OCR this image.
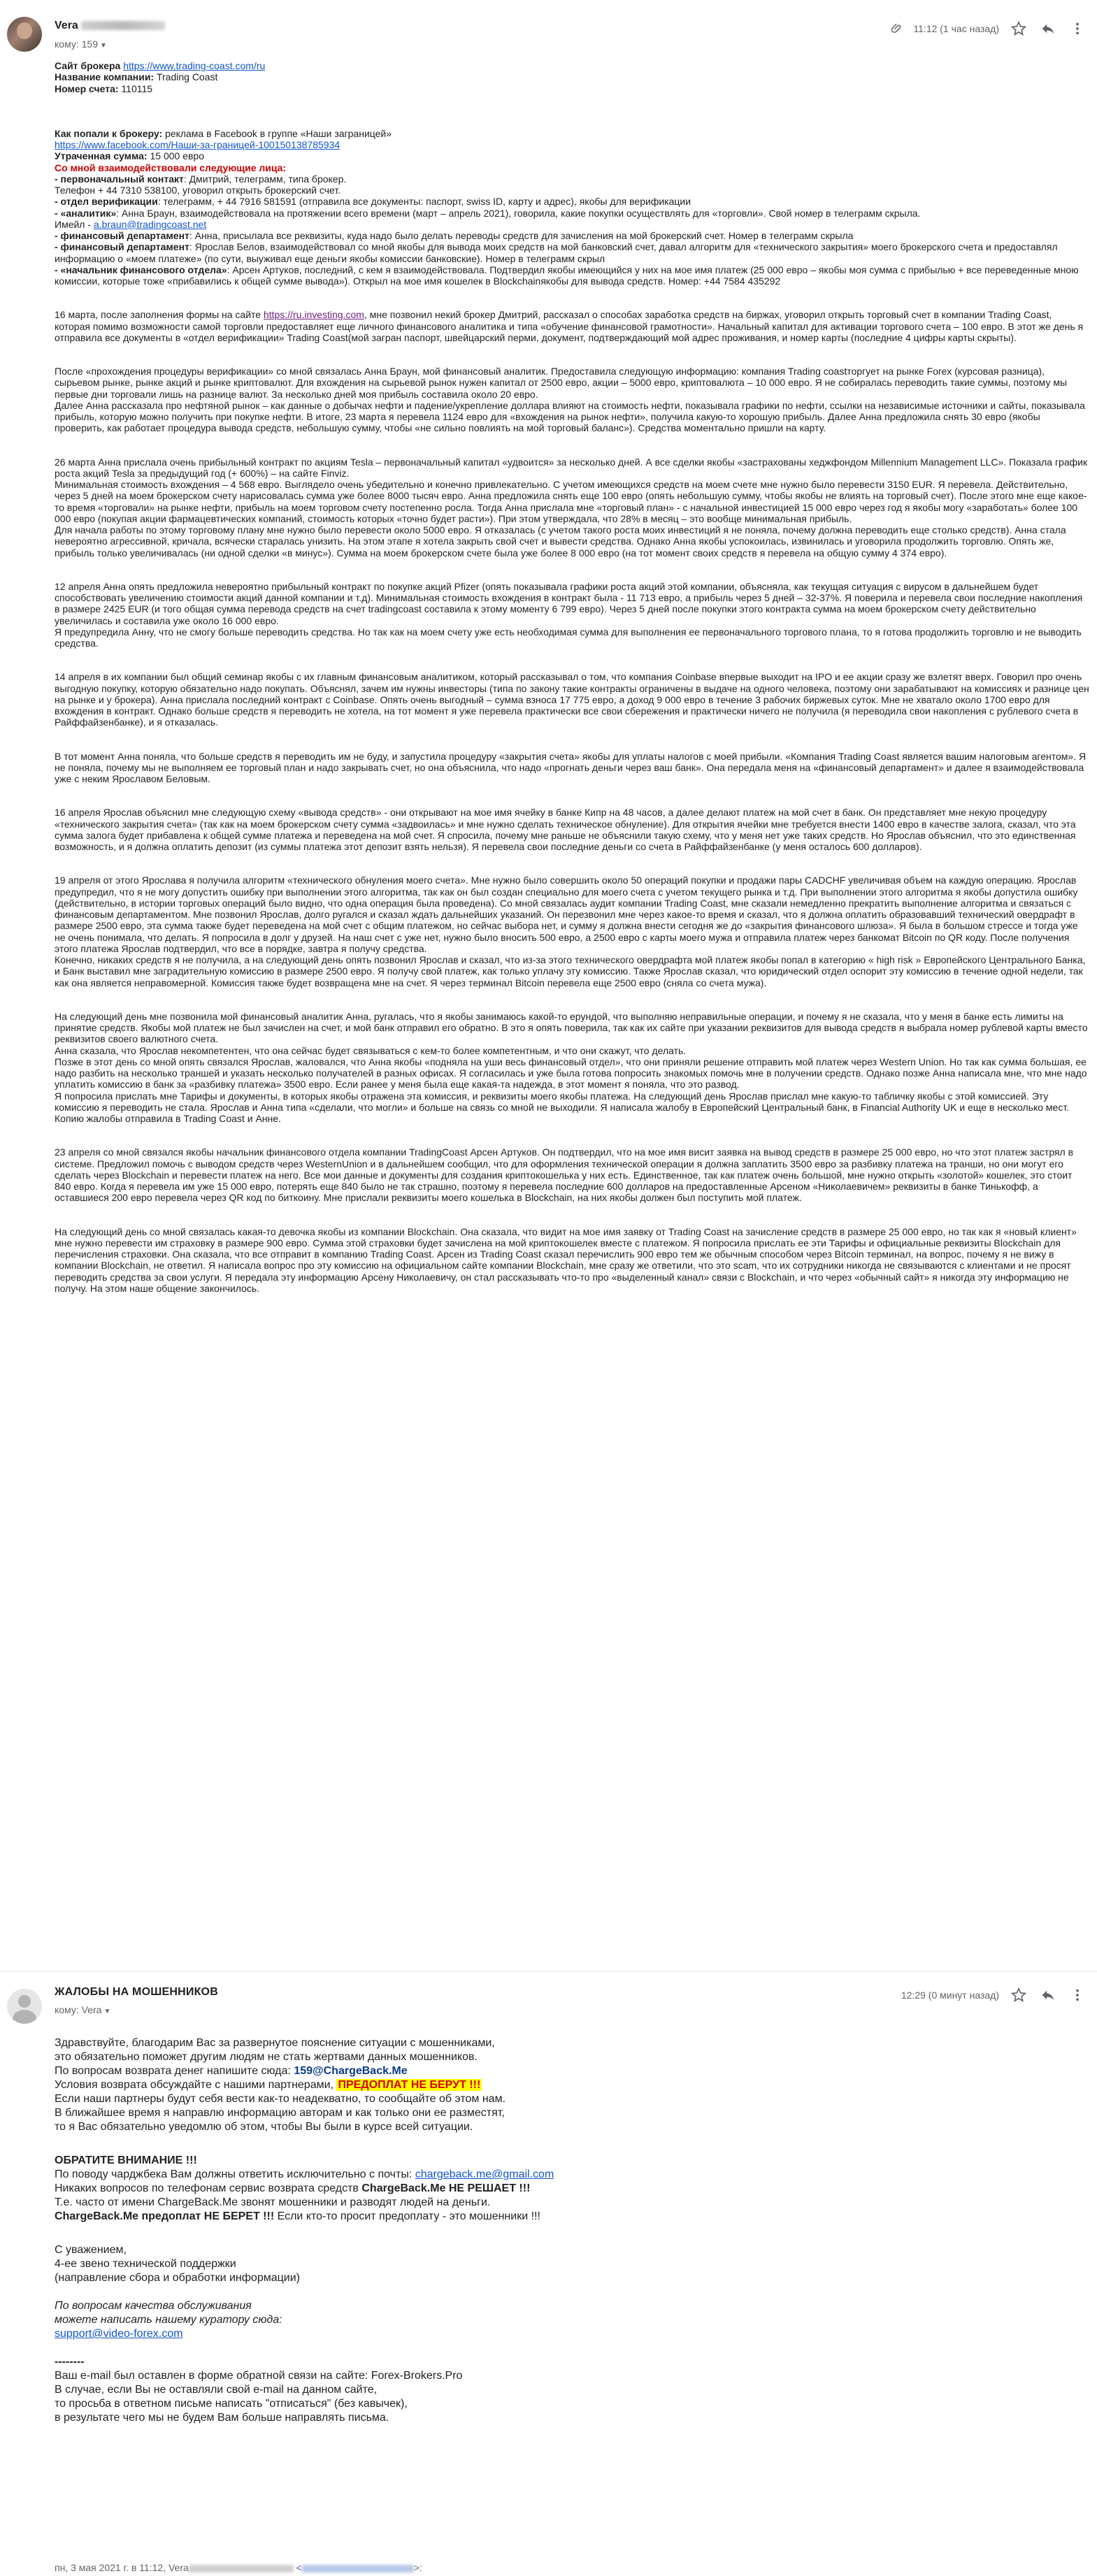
Vera
кому: 159 ▼
11:12 (1 час назад)

Сайт брокера https://www.trading-coast.com/ru

Название компании: Trading Coast

Номер счета: 110115

Как попали к брокеру: реклама в Facebook в группе «Наши заграницей»

https://www.facebook.com/Наши-за-границей-100150138785934

Утраченная сумма: 15 000 евро

Со мной взаимодействовали следующие лица:

- первоначальный контакт: Дмитрий, телеграмм, типа брокер.

Телефон + 44 7310 538100, уговорил открыть брокерский счет.

- отдел верификации: телеграмм, + 44 7916 581591 (отправила все документы: паспорт, swiss ID, карту и адрес), якобы для верификации

- «аналитик»: Анна Браун, взаимодействовала на протяжении всего времени (март – апрель 2021), говорила, какие покупки осуществлять для «торговли». Свой номер в телеграмм скрыла.

Имейл - a.braun@tradingcoast.net

- финансовый департамент: Анна, присылала все реквизиты, куда надо было делать переводы средств для зачисления на мой брокерский счет. Номер в телеграмм скрыла

- финансовый департамент: Ярослав Белов, взаимодействовал со мной якобы для вывода моих средств на мой банковский счет, давал алгоритм для «технического закрытия» моего брокерского счета и предоставлял информацию о «моем платеже» (по сути, выуживал еще деньги якобы комиссии банковские). Номер в телеграмм скрыл

- «начальник финансового отдела»: Арсен Артуков, последний, с кем я взаимодействовала. Подтвердил якобы имеющийся у них на мое имя платеж (25 000 евро – якобы моя сумма с прибылью + все переведенные мною комиссии, которые тоже «прибавились к общей сумме вывода»). Открыл на мое имя кошелек в Blockchainякобы для вывода средств. Номер: +44 7584 435292

16 марта, после заполнения формы на сайте https://ru.investing.com, мне позвонил некий брокер Дмитрий, рассказал о способах заработка средств на биржах, уговорил открыть торговый счет в компании Trading Coast, которая помимо возможности самой торговли предоставляет еще личного финансового аналитика и типа «обучение финансовой грамотности». Начальный капитал для активации торгового счета – 100 евро. В этот же день я отправила все документы в «отдел верификации» Trading Coast(мой загран паспорт, швейцарский перми, документ, подтверждающий мой адрес проживания, и номер карты (последние 4 цифры карты скрыты).

После «прохождения процедуры верификации» со мной связалась Анна Браун, мой финансовый аналитик. Предоставила следующую информацию: компания Trading coastторгует на рынке Forex (курсовая разница), сырьевом рынке, рынке акций и рынке криптовалют. Для вхождения на сырьевой рынок нужен капитал от 2500 евро, акции – 5000 евро, криптовалюта – 10 000 евро. Я не собиралась переводить такие суммы, поэтому мы первые дни торговали лишь на разнице валют. За несколько дней моя прибыль составила около 20 евро.
Далее Анна рассказала про нефтяной рынок – как данные о добычах нефти и падение/укрепление доллара влияют на стоимость нефти, показывала графики по нефти, ссылки на независимые источники и сайты, показывала прибыль, которую можно получить при покупке нефти. В итоге, 23 марта я перевела 1124 евро для «вхождения на рынок нефти», получила какую-то хорошую прибыль. Далее Анна предложила снять 30 евро (якобы проверить, как работает процедура вывода средств, небольшую сумму, чтобы «не сильно повлиять на мой торговый баланс»). Средства моментально пришли на карту.

26 марта Анна прислала очень прибыльный контракт по акциям Tesla – первоначальный капитал «удвоится» за несколько дней. А все сделки якобы «застрахованы хеджфондом Millennium Management LLC». Показала график роста акций Tesla за предыдущий год (+ 600%) – на сайте Finviz.
Минимальная стоимость вхождения – 4 568 евро. Выглядело очень убедительно и конечно привлекательно. С учетом имеющихся средств на моем счете мне нужно было перевести 3150 EUR. Я перевела. Действительно, через 5 дней на моем брокерском счету нарисовалась сумма уже более 8000 тысяч евро. Анна предложила снять еще 100 евро (опять небольшую сумму, чтобы якобы не влиять на торговый счет). После этого мне еще какое-то время «торговали» на рынке нефти, прибыль на моем торговом счету постепенно росла. Тогда Анна прислала мне «торговый план» - с начальной инвестицией 15 000 евро через год я якобы могу «заработать» более 100 000 евро (покупая акции фармацевтических компаний, стоимость которых «точно будет расти»). При этом утверждала, что 28% в месяц – это вообще минимальная прибыль.
Для начала работы по этому торговому плану мне нужно было перевести около 5000 евро. Я отказалась (с учетом такого роста моих инвестиций я не поняла, почему должна переводить еще столько средств). Анна стала невероятно агрессивной, кричала, всячески старалась унизить. На этом этапе я хотела закрыть свой счет и вывести средства. Однако Анна якобы успокоилась, извинилась и уговорила продолжить торговлю. Опять же, прибыль только увеличивалась (ни одной сделки «в минус»). Сумма на моем брокерском счете была уже более 8 000 евро (на тот момент своих средств я перевела на общую сумму 4 374 евро).

12 апреля Анна опять предложила невероятно прибыльный контракт по покупке акций Pfizer (опять показывала графики роста акций этой компании, объясняла, как текущая ситуация с вирусом в дальнейшем будет способствовать увеличению стоимости акций данной компании и т.д). Минимальная стоимость вхождения в контракт была - 11 713 евро, а прибыль через 5 дней – 32-37%. Я поверила и перевела свои последние накопления в размере 2425 EUR (и того общая сумма перевода средств на счет tradingcoast составила к этому моменту 6 799 евро). Через 5 дней после покупки этого контракта сумма на моем брокерском счету действительно увеличилась и составила уже около 16 000 евро.
Я предупредила Анну, что не смогу больше переводить средства. Но так как на моем счету уже есть необходимая сумма для выполнения ее первоначального торгового плана, то я готова продолжить торговлю и не выводить средства.

14 апреля в их компании был общий семинар якобы с их главным финансовым аналитиком, который рассказывал о том, что компания Coinbase впервые выходит на IPO и ее акции сразу же взлетят вверх. Говорил про очень выгодную покупку, которую обязательно надо покупать. Объяснял, зачем им нужны инвесторы (типа по закону такие контракты ограничены в выдаче на одного человека, поэтому они зарабатывают на комиссиях и разнице цен на рынке и у брокера). Анна прислала последний контракт с Coinbase. Опять очень выгодный – сумма взноса 17 775 евро, а доход 9 000 евро в течение 3 рабочих биржевых суток. Мне не хватало около 1700 евро для вхождения в контракт. Однако больше средств я переводить не хотела, на тот момент я уже перевела практически все свои сбережения и практически ничего не получила (я переводила свои накопления с рублевого счета в Райффайзенбанке), и я отказалась.

В тот момент Анна поняла, что больше средств я переводить им не буду, и запустила процедуру «закрытия счета» якобы для уплаты налогов с моей прибыли. «Компания Trading Coast является вашим налоговым агентом». Я не поняла, почему мы не выполняем ее торговый план и надо закрывать счет, но она объяснила, что надо «прогнать деньги через ваш банк». Она передала меня на «финансовый департамент» и далее я взаимодействовала уже с неким Ярославом Беловым.

16 апреля Ярослав объяснил мне следующую схему «вывода средств» - они открывают на мое имя ячейку в банке Кипр на 48 часов, а далее делают платеж на мой счет в банк. Он представляет мне некую процедуру «технического закрытия счета» (так как на моем брокерском счету сумма «задвоилась» и мне нужно сделать техническое обнуление). Для открытия ячейки мне требуется внести 1400 евро в качестве залога, сказал, что эта сумма залога будет прибавлена к общей сумме платежа и переведена на мой счет. Я спросила, почему мне раньше не объяснили такую схему, что у меня нет уже таких средств. Но Ярослав объяснил, что это единственная возможность, и я должна оплатить депозит (из суммы платежа этот депозит взять нельзя). Я перевела свои последние деньги со счета в Райффайзенбанке (у меня осталось 600 долларов).

19 апреля от этого Ярослава я получила алгоритм «технического обнуления моего счета». Мне нужно было совершить около 50 операций покупки и продажи пары CADCHF увеличивая объем на каждую операцию. Ярослав предупредил, что я не могу допустить ошибку при выполнении этого алгоритма, так как он был создан специально для моего счета с учетом текущего рынка и т.д. При выполнении этого алгоритма я якобы допустила ошибку (действительно, в истории торговых операций было видно, что одна операция была проведена). Со мной связалась аудит компании Trading Coast, мне сказали немедленно прекратить выполнение алгоритма и связаться с финансовым департаментом. Мне позвонил Ярослав, долго ругался и сказал ждать дальнейших указаний. Он перезвонил мне через какое-то время и сказал, что я должна оплатить образовавший технический овердрафт в размере 2500 евро, эта сумма также будет переведена на мой счет с общим платежом, но сейчас выбора нет, и сумму я должна внести сегодня же до «закрытия финансового шлюза». Я была в большом стрессе и тогда уже не очень понимала, что делать. Я попросила в долг у друзей. На наш счет с уже нет, нужно было вносить 500 евро, а 2500 евро с карты моего мужа и отправила платеж через банкомат Bitcoin по QR коду. После получения этого платежа Ярослав подтвердил, что все в порядке, завтра я получу средства.
Конечно, никаких средств я не получила, а на следующий день опять позвонил Ярослав и сказал, что из-за этого технического овердрафта мой платеж якобы попал в категорию « high risk » Европейского Центрального Банка, и Банк выставил мне заградительную комиссию в размере 2500 евро. Я получу свой платеж, как только уплачу эту комиссию. Также Ярослав сказал, что юридический отдел оспорит эту комиссию в течение одной недели, так как она является неправомерной. Комиссия также будет возвращена мне на счет. Я через терминал Bitcoin перевела еще 2500 евро (сняла со счета мужа).

На следующий день мне позвонила мой финансовый аналитик Анна, ругалась, что я якобы занимаюсь какой-то ерундой, что выполняю неправильные операции, и почему я не сказала, что у меня в банке есть лимиты на принятие средств. Якобы мой платеж не был зачислен на счет, и мой банк отправил его обратно. В это я опять поверила, так как их сайте при указании реквизитов для вывода средств я выбрала номер рублевой карты вместо реквизитов своего валютного счета.
Анна сказала, что Ярослав некомпетентен, что она сейчас будет связываться с кем-то более компетентным, и что они скажут, что делать.
Позже в этот день со мной опять связался Ярослав, жаловался, что Анна якобы «подняла на уши весь финансовый отдел», что они приняли решение отправить мой платеж через Western Union. Но так как сумма большая, ее надо разбить на несколько траншей и указать несколько получателей в разных офисах. Я согласилась и уже была готова попросить знакомых помочь мне в получении средств. Однако позже Анна написала мне, что мне надо уплатить комиссию в банк за «разбивку платежа» 3500 евро. Если ранее у меня была еще какая-та надежда, в этот момент я поняла, что это развод.
Я попросила прислать мне Тарифы и документы, в которых якобы отражена эта комиссия, и реквизиты моего якобы платежа. На следующий день Ярослав прислал мне какую-то табличку якобы с этой комиссией. Эту комиссию я переводить не стала. Ярослав и Анна типа «сделали, что могли» и больше на связь со мной не выходили. Я написала жалобу в Европейский Центральный банк, в Financial Authority UK и еще в несколько мест. Копию жалобы отправила в Trading Coast и Анне.

23 апреля со мной связался якобы начальник финансового отдела компании TradingCoast Арсен Артуков. Он подтвердил, что на мое имя висит заявка на вывод средств в размере 25 000 евро, но что этот платеж застрял в системе. Предложил помочь с выводом средств через WesternUnion и в дальнейшем сообщил, что для оформления технической операции я должна заплатить 3500 евро за разбивку платежа на транши, но они могут его сделать через Blockchain и перевести платеж на него. Все мои данные и документы для создания криптокошелька у них есть. Единственное, так как платеж очень большой, мне нужно открыть «золотой» кошелек, это стоит 840 евро. Когда я перевела им уже 15 000 евро, потерять еще 840 было не так страшно, поэтому я перевела последние 600 долларов на предоставленные Арсеном «Николаевичем» реквизиты в банке Тинькофф, а оставшиеся 200 евро перевела через QR код по биткоину. Мне прислали реквизиты моего кошелька в Blockchain, на них якобы должен был поступить мой платеж.

На следующий день со мной связалась какая-то девочка якобы из компании Blockchain. Она сказала, что видит на мое имя заявку от Trading Coast на зачисление средств в размере 25 000 евро, но так как я «новый клиент» мне нужно перевести им страховку в размере 900 евро. Сумма этой страховки будет зачислена на мой криптокошелек вместе с платежом. Я попросила прислать ее эти Тарифы и официальные реквизиты Blockchain для перечисления страховки. Она сказала, что все отправит в компанию Trading Coast. Арсен из Trading Coast сказал перечислить 900 евро тем же обычным способом через Bitcoin терминал, на вопрос, почему я не вижу в компании Blockchain, не ответил. Я написала вопрос про эту комиссию на официальном сайте компании Blockchain, мне сразу же ответили, что это scam, что их сотрудники никогда не связываются с клиентами и не просят переводить средства за свои услуги. Я передала эту информацию Арсену Николаевичу, он стал рассказывать что-то про «выделенный канал» связи с Blockchain, и что через «обычный сайт» я никогда эту информацию не получу. На этом наше общение закончилось.

ЖАЛОБЫ НА МОШЕННИКОВ
кому: Vera ▼
12:29 (0 минут назад)

Здравствуйте, благодарим Вас за развернутое пояснение ситуации с мошенниками,

это обязательно поможет другим людям не стать жертвами данных мошенников.

По вопросам возврата денег напишите сюда: 159@ChargeBack.Me

Условия возврата обсуждайте с нашими партнерами, ПРЕДОПЛАТ НЕ БЕРУТ !!!

Если наши партнеры будут себя вести как-то неадекватно, то сообщайте об этом нам.

В ближайшее время я направлю информацию авторам и как только они ее разместят,

то я Вас обязательно уведомлю об этом, чтобы Вы были в курсе всей ситуации.

ОБРАТИТЕ ВНИМАНИЕ !!!

По поводу чарджбека Вам должны ответить исключительно с почты: chargeback.me@gmail.com

Никаких вопросов по телефонам сервис возврата средств ChargeBack.Me НЕ РЕШАЕТ !!!

Т.е. часто от имени ChargeBack.Me звонят мошенники и разводят людей на деньги.

ChargeBack.Me предоплат НЕ БЕРЕТ !!! Если кто-то просит предоплату - это мошенники !!!

С уважением,

4-ее звено технической поддержки

(направление сбора и обработки информации)

По вопросам качества обслуживания

можете написать нашему куратору сюда:

support@video-forex.com

--------

Ваш e-mail был оставлен в форме обратной связи на сайте: Forex-Brokers.Pro

В случае, если Вы не оставляли свой e-mail на данном сайте,

то просьба в ответном письме написать "отписаться" (без кавычек),

в результате чего мы не будем Вам больше направлять письма.

пн, 3 мая 2021 г. в 11:12, Vera	<	>:
